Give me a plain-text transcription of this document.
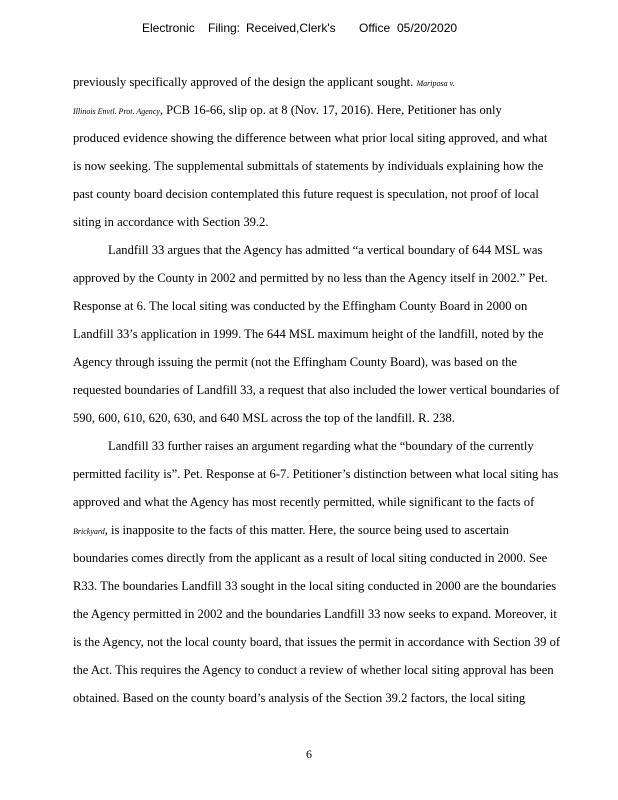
Electronic Filing: Received,Clerk's Office 05/20/2020
previously specifically approved of the design the applicant sought. Mariposa v.
Illinois Envtl. Prot. Agency, PCB 16-66, slip op. at 8 (Nov. 17, 2016). Here, Petitioner has only
produced evidence showing the difference between what prior local siting approved, and what
is now seeking. The supplemental submittals of statements by individuals explaining how the
past county board decision contemplated this future request is speculation, not proof of local
siting in accordance with Section 39.2.
Landfill 33 argues that the Agency has admitted “a vertical boundary of 644 MSL was
approved by the County in 2002 and permitted by no less than the Agency itself in 2002.” Pet.
Response at 6. The local siting was conducted by the Effingham County Board in 2000 on
Landfill 33’s application in 1999. The 644 MSL maximum height of the landfill, noted by the
Agency through issuing the permit (not the Effingham County Board), was based on the
requested boundaries of Landfill 33, a request that also included the lower vertical boundaries of
590, 600, 610, 620, 630, and 640 MSL across the top of the landfill. R. 238.
Landfill 33 further raises an argument regarding what the “boundary of the currently
permitted facility is”. Pet. Response at 6-7. Petitioner’s distinction between what local siting has
approved and what the Agency has most recently permitted, while significant to the facts of
Brickyard, is inapposite to the facts of this matter. Here, the source being used to ascertain
boundaries comes directly from the applicant as a result of local siting conducted in 2000. See
R33. The boundaries Landfill 33 sought in the local siting conducted in 2000 are the boundaries
the Agency permitted in 2002 and the boundaries Landfill 33 now seeks to expand. Moreover, it
is the Agency, not the local county board, that issues the permit in accordance with Section 39 of
the Act. This requires the Agency to conduct a review of whether local siting approval has been
obtained. Based on the county board’s analysis of the Section 39.2 factors, the local siting
6
